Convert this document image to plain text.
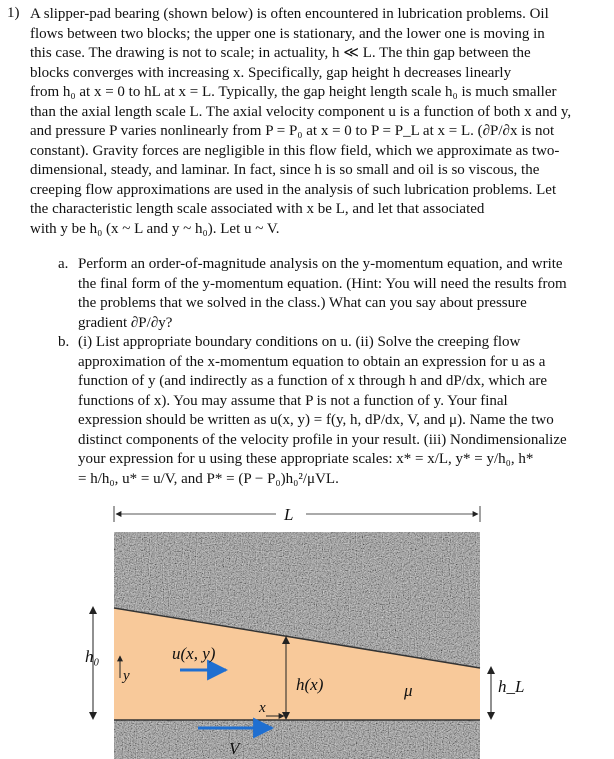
1) A slipper-pad bearing (shown below) is often encountered in lubrication problems. Oil
flows between two blocks; the upper one is stationary, and the lower one is moving in
this case. The drawing is not to scale; in actuality, h ≪ L. The thin gap between the
blocks converges with increasing x. Specifically, gap height h decreases linearly
from h₀ at x = 0 to hL at x = L. Typically, the gap height length scale h₀ is much smaller
than the axial length scale L. The axial velocity component u is a function of both x and y,
and pressure P varies nonlinearly from P = P₀ at x = 0 to P = P_L at x = L. (∂P/∂x is not
constant). Gravity forces are negligible in this flow field, which we approximate as two-
dimensional, steady, and laminar. In fact, since h is so small and oil is so viscous, the
creeping flow approximations are used in the analysis of such lubrication problems. Let
the characteristic length scale associated with x be L, and let that associated
with y be h₀ (x ~ L and y ~ h₀). Let u ~ V.
a. Perform an order-of-magnitude analysis on the y-momentum equation, and write
the final form of the y-momentum equation. (Hint: You will need the results from
the problems that we solved in the class.) What can you say about pressure
gradient ∂P/∂y?
b. (i) List appropriate boundary conditions on u. (ii) Solve the creeping flow
approximation of the x-momentum equation to obtain an expression for u as a
function of y (and indirectly as a function of x through h and dP/dx, which are
functions of x). You may assume that P is not a function of y. Your final
expression should be written as u(x, y) = f(y, h, dP/dx, V, and μ). Name the two
distinct components of the velocity profile in your result. (iii) Nondimensionalize
your expression for u using these appropriate scales: x* = x/L, y* = y/h₀, h*
= h/h₀, u* = u/V, and P* = (P − P₀)h₀²/μVL.
L
h₀
y
u(x, y)
h(x)	μ	h_L
x
V
